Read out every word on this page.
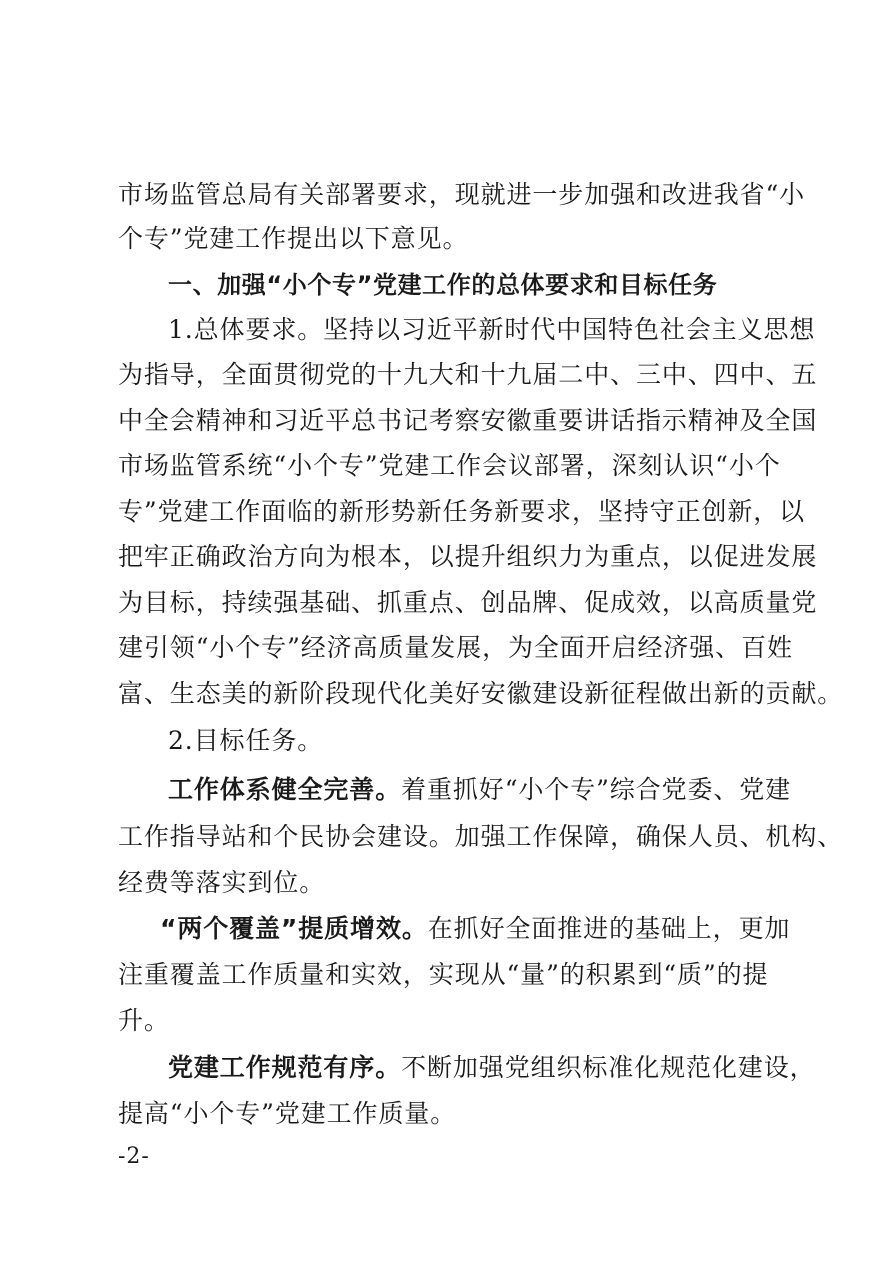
市场监管总局有关部署要求，现就进一步加强和改进我省“小
个专”党建工作提出以下意见。
一、加强“小个专”党建工作的总体要求和目标任务
1.总体要求。坚持以习近平新时代中国特色社会主义思想
为指导，全面贯彻党的十九大和十九届二中、三中、四中、五
中全会精神和习近平总书记考察安徽重要讲话指示精神及全国
市场监管系统“小个专”党建工作会议部署，深刻认识“小个
专”党建工作面临的新形势新任务新要求，坚持守正创新，以
把牢正确政治方向为根本，以提升组织力为重点，以促进发展
为目标，持续强基础、抓重点、创品牌、促成效，以高质量党
建引领“小个专”经济高质量发展，为全面开启经济强、百姓
富、生态美的新阶段现代化美好安徽建设新征程做出新的贡献。
2.目标任务。
工作体系健全完善。着重抓好“小个专”综合党委、党建
工作指导站和个民协会建设。加强工作保障，确保人员、机构、
经费等落实到位。
“两个覆盖”提质增效。在抓好全面推进的基础上，更加
注重覆盖工作质量和实效，实现从“量”的积累到“质”的提
升。
党建工作规范有序。不断加强党组织标准化规范化建设，
提高“小个专”党建工作质量。
-2-
